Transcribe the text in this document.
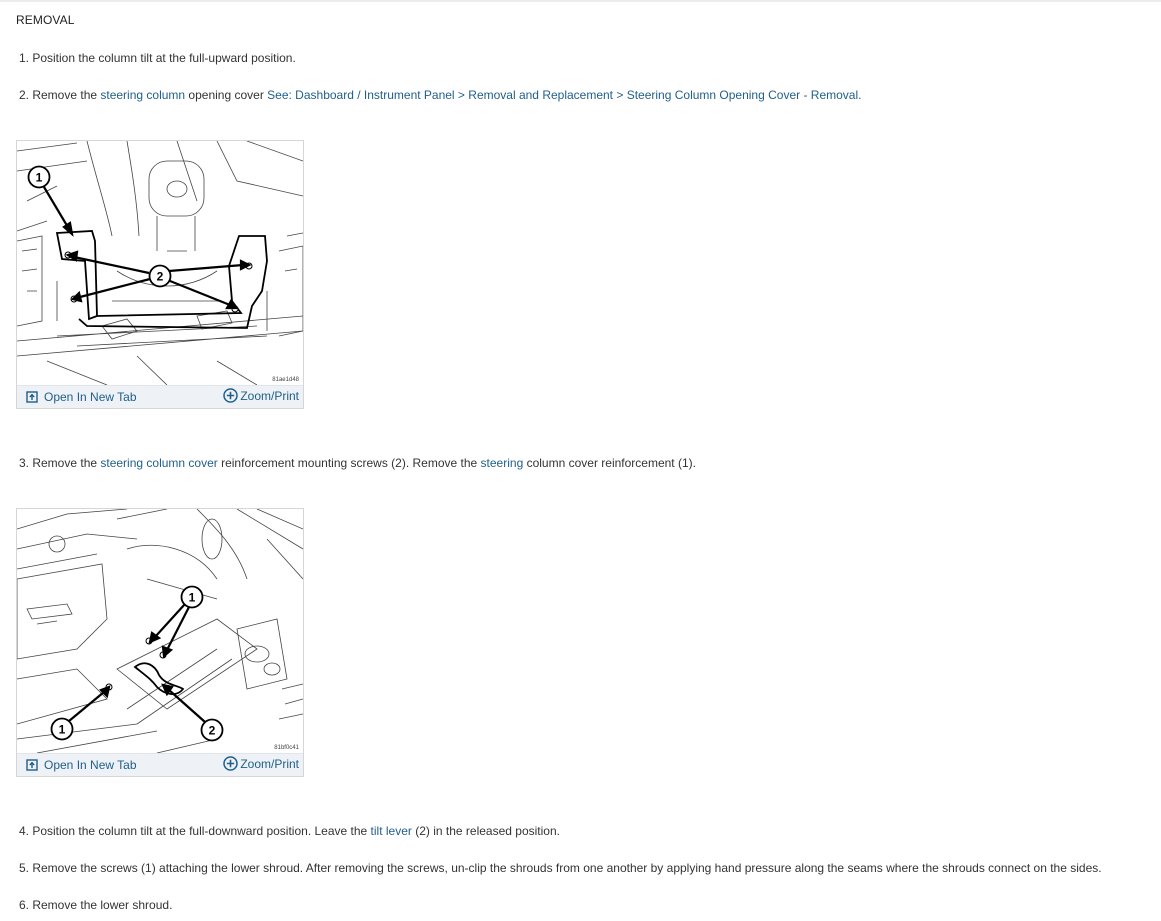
REMOVAL
1. Position the column tilt at the full-upward position.
2. Remove the steering column opening cover See: Dashboard / Instrument Panel > Removal and Replacement > Steering Column Opening Cover - Removal.
1
2
81ae1d48
Open In New Tab	Zoom/Print
3. Remove the steering column cover reinforcement mounting screws (2). Remove the steering column cover reinforcement (1).
1
1	2
81bf0c41
Open In New Tab	Zoom/Print
4. Position the column tilt at the full-downward position. Leave the tilt lever (2) in the released position.
5. Remove the screws (1) attaching the lower shroud. After removing the screws, un-clip the shrouds from one another by applying hand pressure along the seams where the shrouds connect on the sides.
6. Remove the lower shroud.
